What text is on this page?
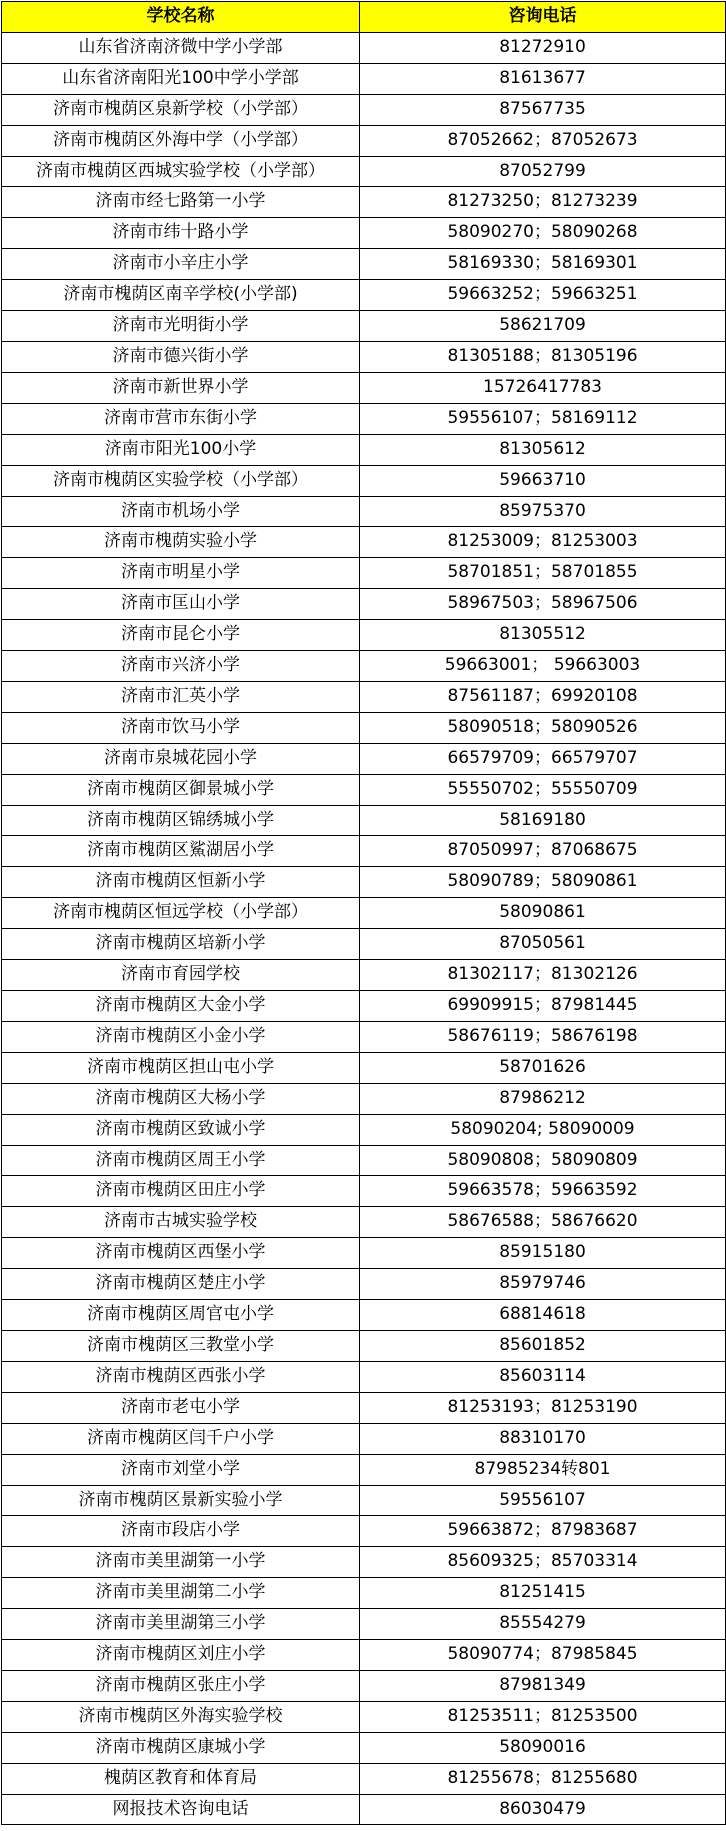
学校名称	咨询电话
山东省济南济微中学小学部	81272910
山东省济南阳光100中学小学部	81613677
济南市槐荫区泉新学校（小学部）	87567735
济南市槐荫区外海中学（小学部）	87052662；87052673
济南市槐荫区西城实验学校（小学部）	87052799
济南市经七路第一小学	81273250；81273239
济南市纬十路小学	58090270；58090268
济南市小辛庄小学	58169330；58169301
济南市槐荫区南辛学校(小学部)	59663252；59663251
济南市光明街小学	58621709
济南市德兴街小学	81305188；81305196
济南市新世界小学	15726417783
济南市营市东街小学	59556107；58169112
济南市阳光100小学	81305612
济南市槐荫区实验学校（小学部）	59663710
济南市机场小学	85975370
济南市槐荫实验小学	81253009；81253003
济南市明星小学	58701851；58701855
济南市匡山小学	58967503；58967506
济南市昆仑小学	81305512
济南市兴济小学	59663001； 59663003
济南市汇英小学	87561187；69920108
济南市饮马小学	58090518；58090526
济南市泉城花园小学	66579709；66579707
济南市槐荫区御景城小学	55550702；55550709
济南市槐荫区锦绣城小学	58169180
济南市槐荫区鯊湖居小学	87050997；87068675
济南市槐荫区恒新小学	58090789；58090861
济南市槐荫区恒远学校（小学部）	58090861
济南市槐荫区培新小学	87050561
济南市育园学校	81302117；81302126
济南市槐荫区大金小学	69909915；87981445
济南市槐荫区小金小学	58676119；58676198
济南市槐荫区担山屯小学	58701626
济南市槐荫区大杨小学	87986212
济南市槐荫区致诚小学	58090204; 58090009
济南市槐荫区周王小学	58090808；58090809
济南市槐荫区田庄小学	59663578；59663592
济南市古城实验学校	58676588；58676620
济南市槐荫区西堡小学	85915180
济南市槐荫区楚庄小学	85979746
济南市槐荫区周官屯小学	68814618
济南市槐荫区三教堂小学	85601852
济南市槐荫区西张小学	85603114
济南市老屯小学	81253193；81253190
济南市槐荫区闫千户小学	88310170
济南市刘堂小学	87985234转801
济南市槐荫区景新实验小学	59556107
济南市段店小学	59663872；87983687
济南市美里湖第一小学	85609325；85703314
济南市美里湖第二小学	81251415
济南市美里湖第三小学	85554279
济南市槐荫区刘庄小学	58090774；87985845
济南市槐荫区张庄小学	87981349
济南市槐荫区外海实验学校	81253511；81253500
济南市槐荫区康城小学	58090016
槐荫区教育和体育局	81255678；81255680
网报技术咨询电话	86030479
